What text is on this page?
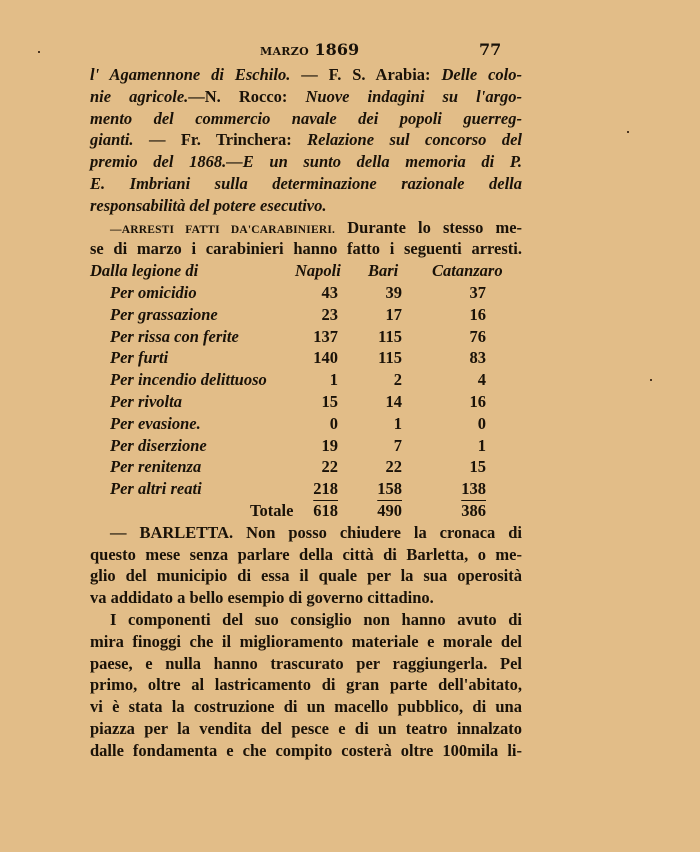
MARZO 1869	77
l' Agamennone di Eschilo. — F. S. Arabia: Delle colo-
nie agricole.—N. Rocco: Nuove indagini su l'argo-
mento del commercio navale dei popoli guerreg-
gianti. — Fr. Trinchera: Relazione sul concorso del
premio del 1868.—E un sunto della memoria di P.
E. Imbriani sulla determinazione razionale della
responsabilità del potere esecutivo.
—ARRESTI FATTI DA'CARABINIERI. Durante lo stesso me-
se di marzo i carabinieri hanno fatto i seguenti arresti.
Dalla legione di	Napoli	Bari	Catanzaro
Per omicidio	43	39	37
Per grassazione	23	17	16
Per rissa con ferite	137	115	76
Per furti	140	115	83
Per incendio delittuoso	1	2	4
Per rivolta	15	14	16
Per evasione.	0	1	0
Per diserzione	19	7	1
Per renitenza	22	22	15
Per altri reati	218	158	138
Totale	618	490	386
— BARLETTA. Non posso chiudere la cronaca di
questo mese senza parlare della città di Barletta, o me-
glio del municipio di essa il quale per la sua operosità
va addidato a bello esempio di governo cittadino.
I componenti del suo consiglio non hanno avuto di
mira finoggi che il miglioramento materiale e morale del
paese, e nulla hanno trascurato per raggiungerla. Pel
primo, oltre al lastricamento di gran parte dell'abitato,
vi è stata la costruzione di un macello pubblico, di una
piazza per la vendita del pesce e di un teatro innalzato
dalle fondamenta e che compito costerà oltre 100mila li-
